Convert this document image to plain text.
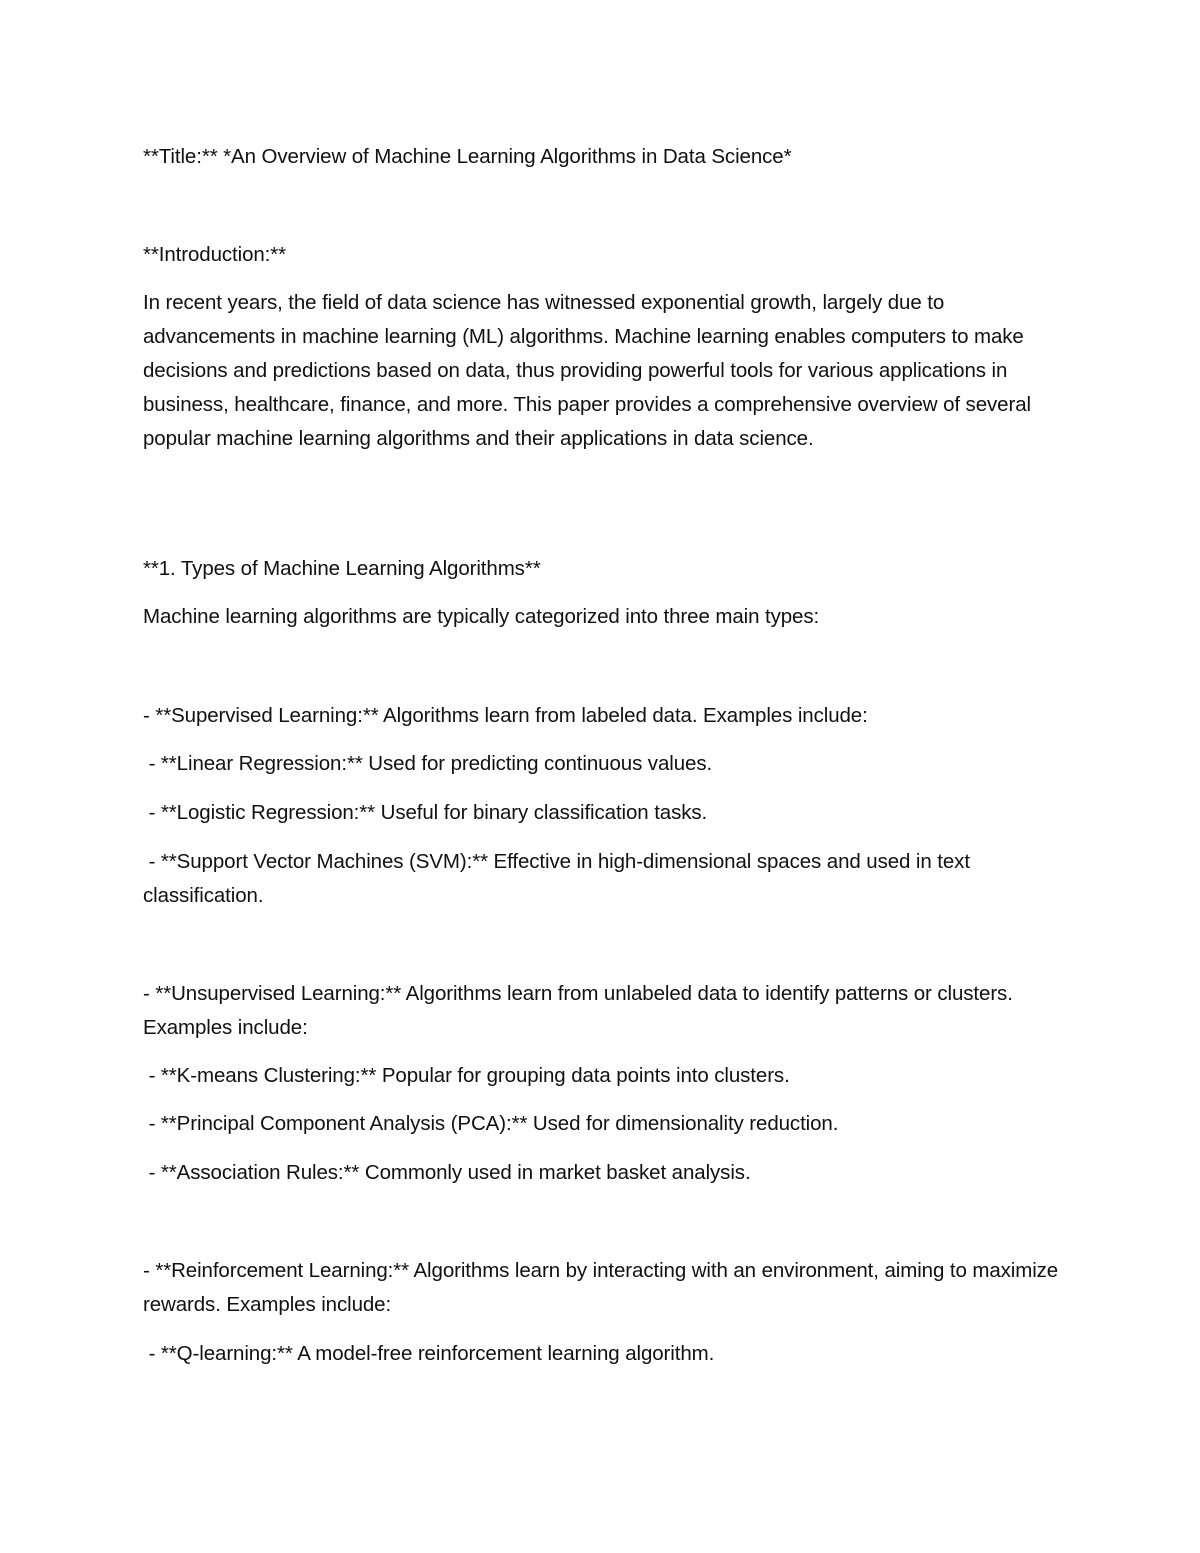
**Title:** *An Overview of Machine Learning Algorithms in Data Science*

**Introduction:**

In recent years, the field of data science has witnessed exponential growth, largely due to advancements in machine learning (ML) algorithms. Machine learning enables computers to make decisions and predictions based on data, thus providing powerful tools for various applications in business, healthcare, finance, and more. This paper provides a comprehensive overview of several popular machine learning algorithms and their applications in data science.

**1. Types of Machine Learning Algorithms**

Machine learning algorithms are typically categorized into three main types:

- **Supervised Learning:** Algorithms learn from labeled data. Examples include:

- **Linear Regression:** Used for predicting continuous values.

- **Logistic Regression:** Useful for binary classification tasks.

- **Support Vector Machines (SVM):** Effective in high-dimensional spaces and used in text classification.

- **Unsupervised Learning:** Algorithms learn from unlabeled data to identify patterns or clusters. Examples include:

- **K-means Clustering:** Popular for grouping data points into clusters.

- **Principal Component Analysis (PCA):** Used for dimensionality reduction.

- **Association Rules:** Commonly used in market basket analysis.

- **Reinforcement Learning:** Algorithms learn by interacting with an environment, aiming to maximize rewards. Examples include:

- **Q-learning:** A model-free reinforcement learning algorithm.
